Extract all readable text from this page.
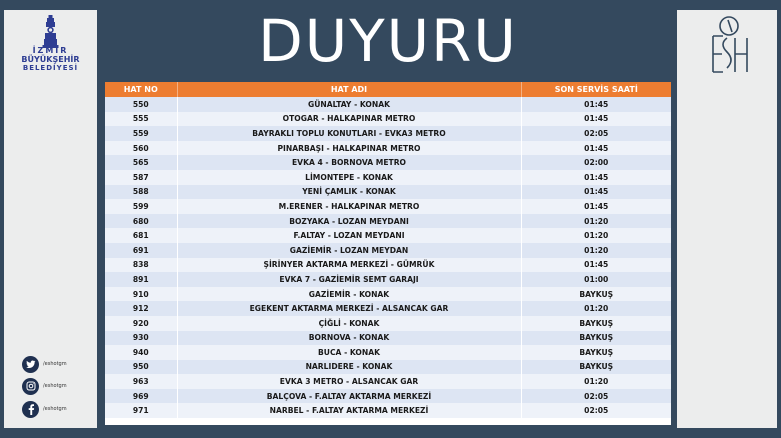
İZMİR
BÜYÜKŞEHİR
BELEDİYESİ	DUYURU
HAT NO	HAT ADI	SON SERVİS SAATİ
550	GÜNALTAY - KONAK	01:45
555	OTOGAR - HALKAPINAR METRO	01:45
559	BAYRAKLI TOPLU KONUTLARI - EVKA3 METRO	02:05
560	PINARBAŞI - HALKAPINAR METRO	01:45
565	EVKA 4 - BORNOVA METRO	02:00
587	LİMONTEPE - KONAK	01:45
588	YENİ ÇAMLIK - KONAK	01:45
599	M.ERENER - HALKAPINAR METRO	01:45
680	BOZYAKA - LOZAN MEYDANI	01:20
681	F.ALTAY - LOZAN MEYDANI	01:20
691	GAZİEMİR - LOZAN MEYDAN	01:20
838	ŞİRİNYER AKTARMA MERKEZİ - GÜMRÜK	01:45
891	EVKA 7 - GAZİEMİR SEMT GARAJI	01:00
910	GAZİEMİR - KONAK	BAYKUŞ
912	EGEKENT AKTARMA MERKEZİ - ALSANCAK GAR	01:20
920	ÇİĞLİ - KONAK	BAYKUŞ
930	BORNOVA - KONAK	BAYKUŞ
940	BUCA - KONAK	BAYKUŞ
950	NARLIDERE - KONAK	BAYKUŞ
963	EVKA 3 METRO - ALSANCAK GAR	01:20
969	BALÇOVA - F.ALTAY AKTARMA MERKEZİ	02:05
971	NARBEL - F.ALTAY AKTARMA MERKEZİ	02:05
/eshotgm
/eshotgm
/eshotgm
